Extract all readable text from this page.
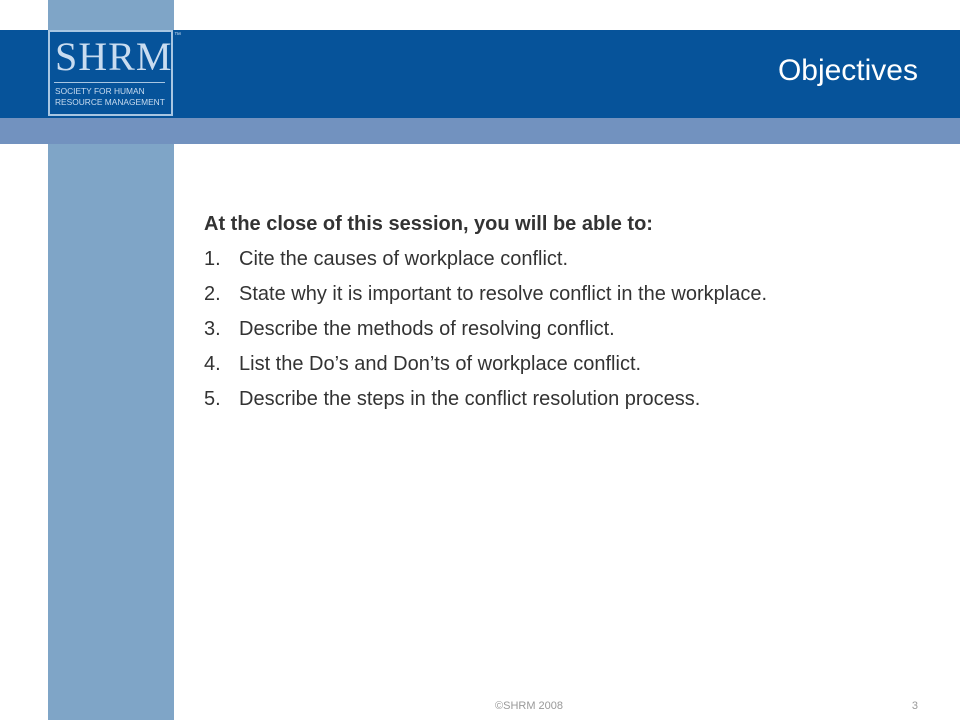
SHRM ™
SOCIETY FOR HUMAN
RESOURCE MANAGEMENT
Objectives

At the close of this session, you will be able to:

1. Cite the causes of workplace conflict.
2. State why it is important to resolve conflict in the workplace.
3. Describe the methods of resolving conflict.
4. List the Do’s and Don’ts of workplace conflict.
5. Describe the steps in the conflict resolution process.
©SHRM 2008	3
